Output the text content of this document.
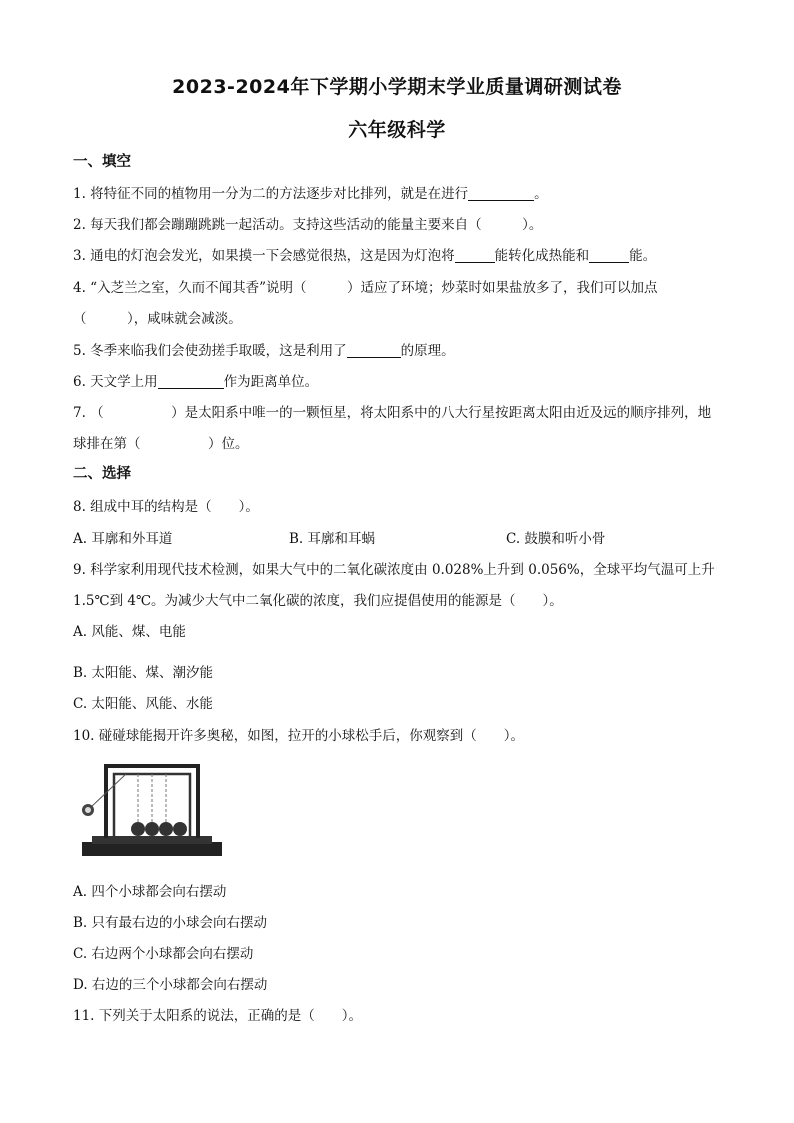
2023-2024年下学期小学期末学业质量调研测试卷
六年级科学
一、填空
1. 将特征不同的植物用一分为二的方法逐步对比排列，就是在进行	。
2. 每天我们都会蹦蹦跳跳一起活动。支持这些活动的能量主要来自（　　　）。
3. 通电的灯泡会发光，如果摸一下会感觉很热，这是因为灯泡将	能转化成热能和	能。
4. “入芝兰之室，久而不闻其香”说明（　　　）适应了环境；炒菜时如果盐放多了，我们可以加点
（　　　），咸味就会减淡。
5. 冬季来临我们会使劲搓手取暖，这是利用了	的原理。
6. 天文学上用	作为距离单位。
7. （　　　　　）是太阳系中唯一的一颗恒星，将太阳系中的八大行星按距离太阳由近及远的顺序排列，地
球排在第（　　　　　）位。
二、选择
8. 组成中耳的结构是（　　）。
A. 耳廓和外耳道	B. 耳廓和耳蜗	C. 鼓膜和听小骨
9. 科学家利用现代技术检测，如果大气中的二氧化碳浓度由 0.028%上升到 0.056%，全球平均气温可上升
1.5℃到 4℃。为减少大气中二氧化碳的浓度，我们应提倡使用的能源是（　　）。
A. 风能、煤、电能
B. 太阳能、煤、潮汐能
C. 太阳能、风能、水能
10. 碰碰球能揭开许多奥秘，如图，拉开的小球松手后，你观察到（　　）。
A. 四个小球都会向右摆动
B. 只有最右边的小球会向右摆动
C. 右边两个小球都会向右摆动
D. 右边的三个小球都会向右摆动
11. 下列关于太阳系的说法，正确的是（　　）。
